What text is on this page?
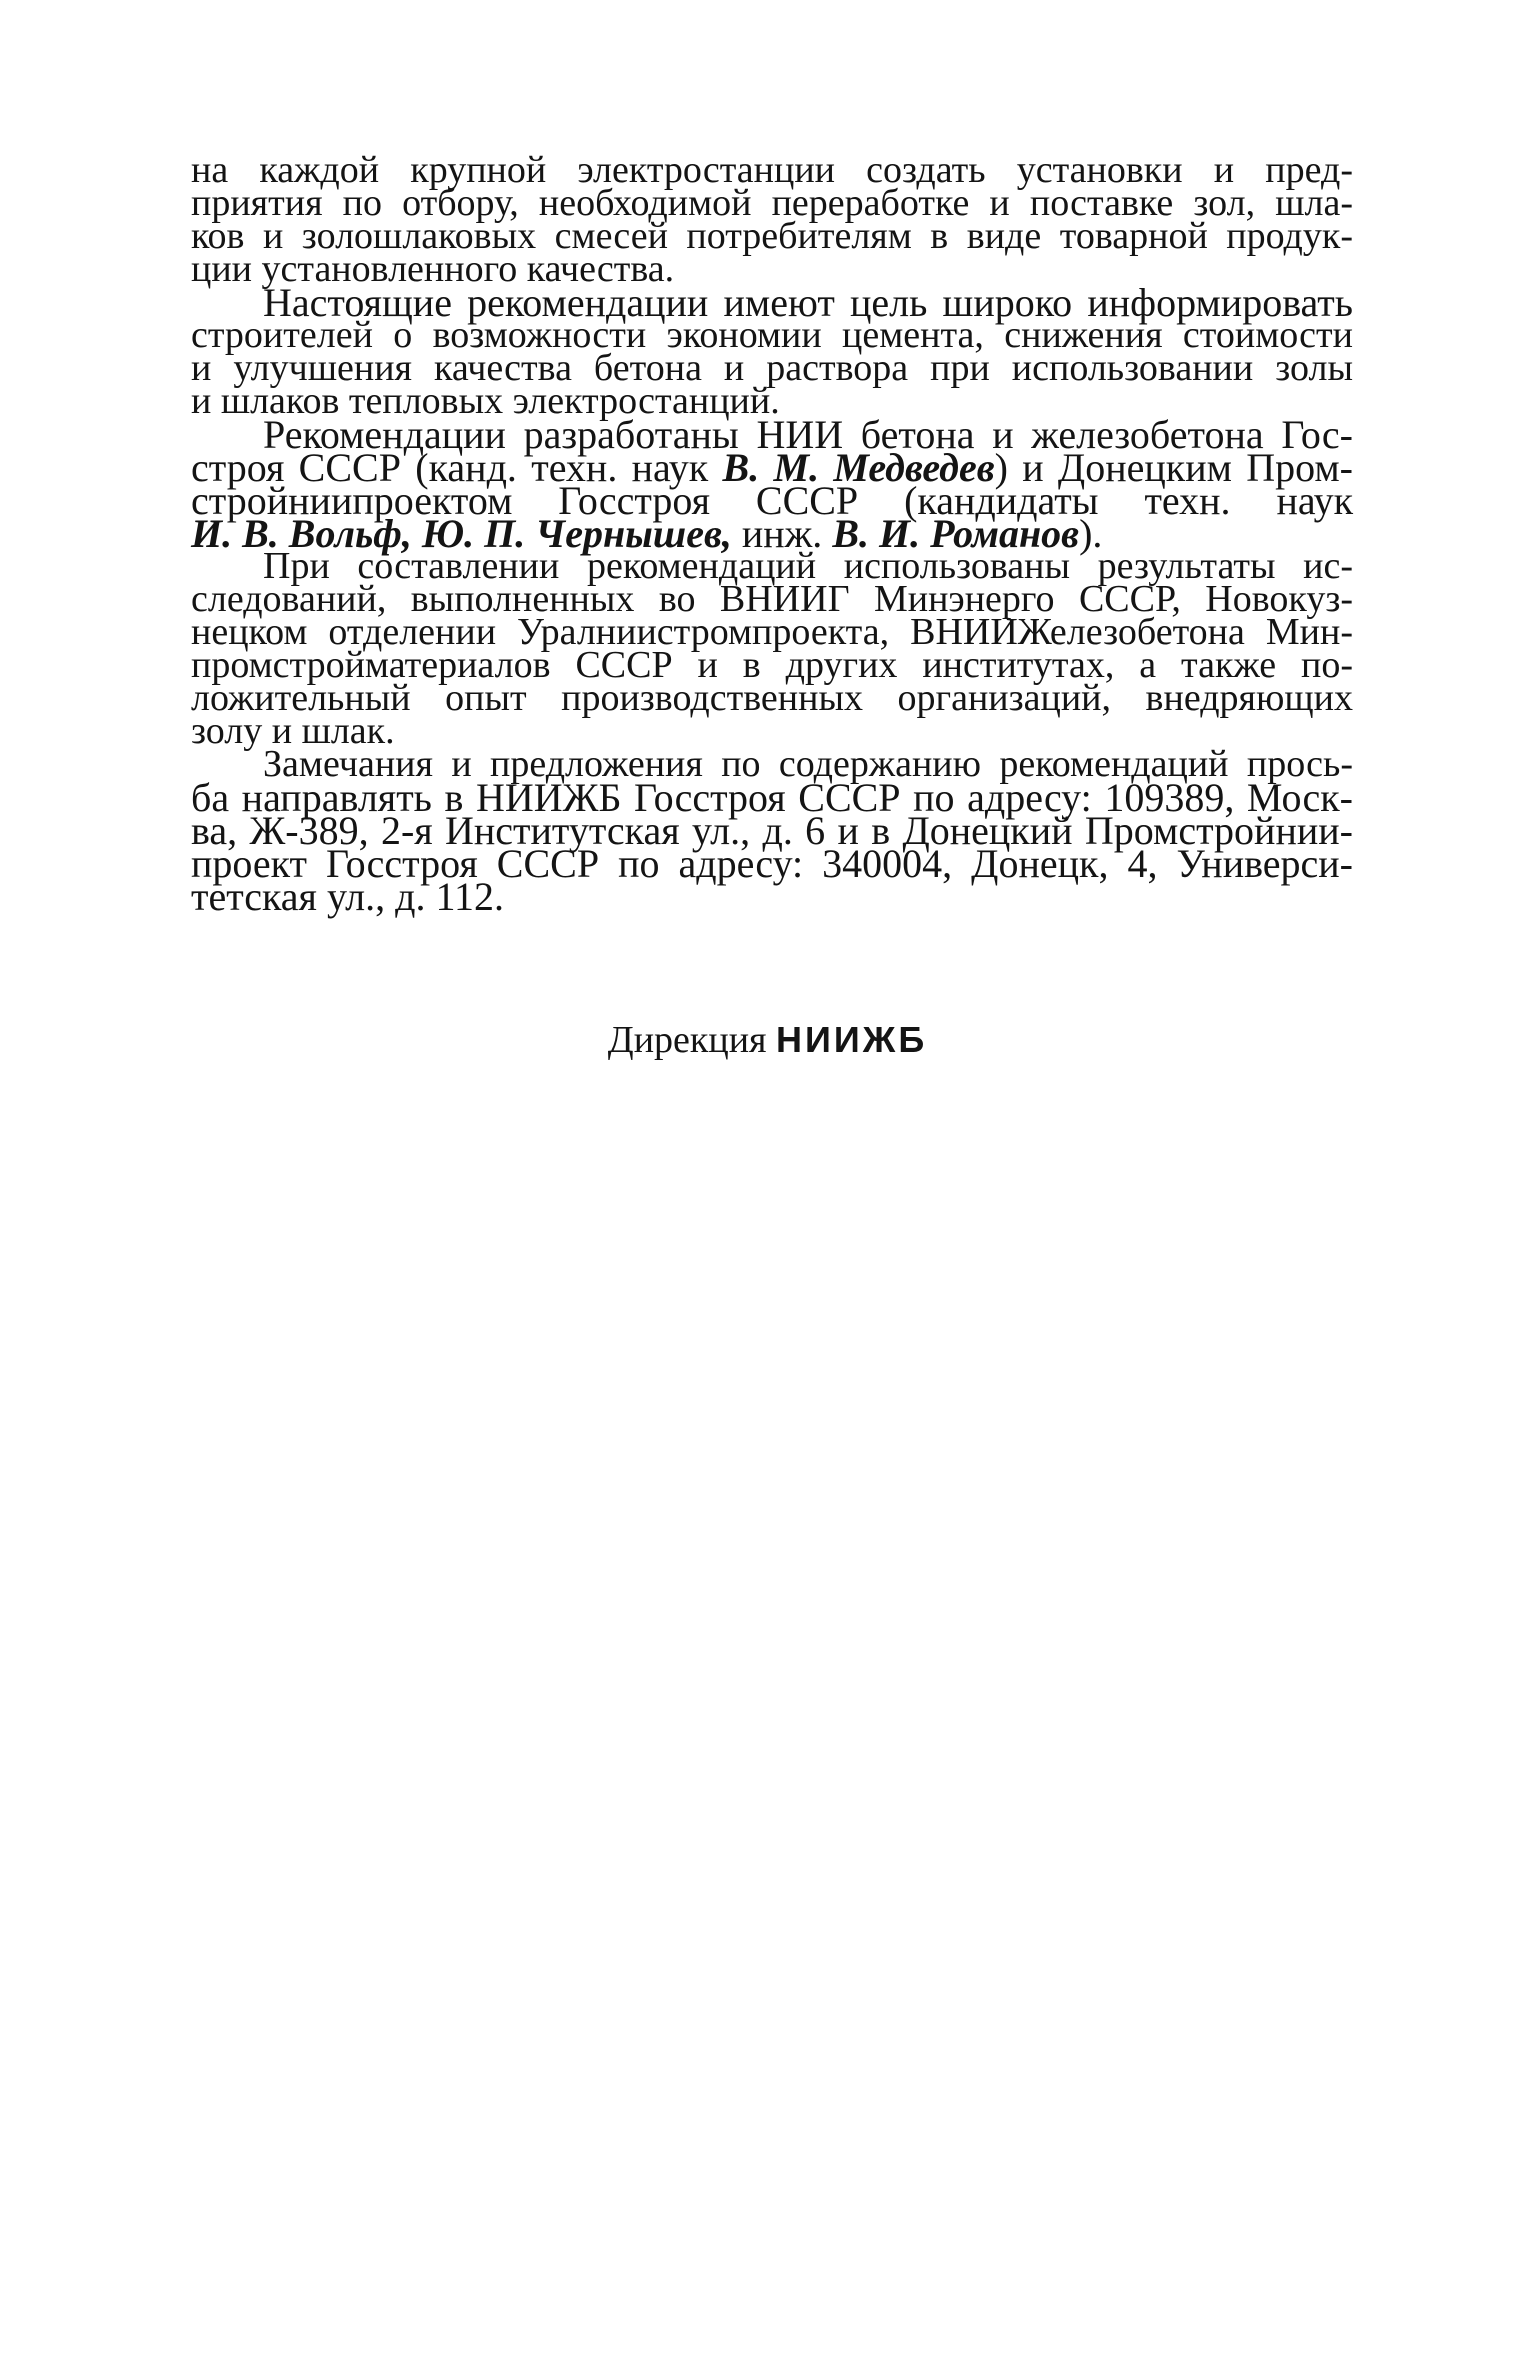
на каждой крупной электростанции создать установки и пред-
приятия по отбору, необходимой переработке и поставке зол, шла-
ков и золошлаковых смесей потребителям в виде товарной продук-
ции установленного качества.
Настоящие рекомендации имеют цель широко информировать
строителей о возможности экономии цемента, снижения стоимости
и улучшения качества бетона и раствора при использовании золы
и шлаков тепловых электростанций.
Рекомендации разработаны НИИ бетона и железобетона Гос-
строя СССР (канд. техн. наук В. М. Медведев) и Донецким Пром-
стройниипроектом Госстроя СССР (кандидаты техн. наук
И. В. Вольф, Ю. П. Чернышев, инж. В. И. Романов).
При составлении рекомендаций использованы результаты ис-
следований, выполненных во ВНИИГ Минэнерго СССР, Новокуз-
нецком отделении Уралниистромпроекта, ВНИИЖелезобетона Мин-
промстройматериалов СССР и в других институтах, а также по-
ложительный опыт производственных организаций, внедряющих
золу и шлак.
Замечания и предложения по содержанию рекомендаций прось-
ба направлять в НИИЖБ Госстроя СССР по адресу: 109389, Моск-
ва, Ж-389, 2-я Институтская ул., д. 6 и в Донецкий Промстройнии-
проект Госстроя СССР по адресу: 340004, Донецк, 4, Универси-
тетская ул., д. 112.
Дирекция НИИЖБ
